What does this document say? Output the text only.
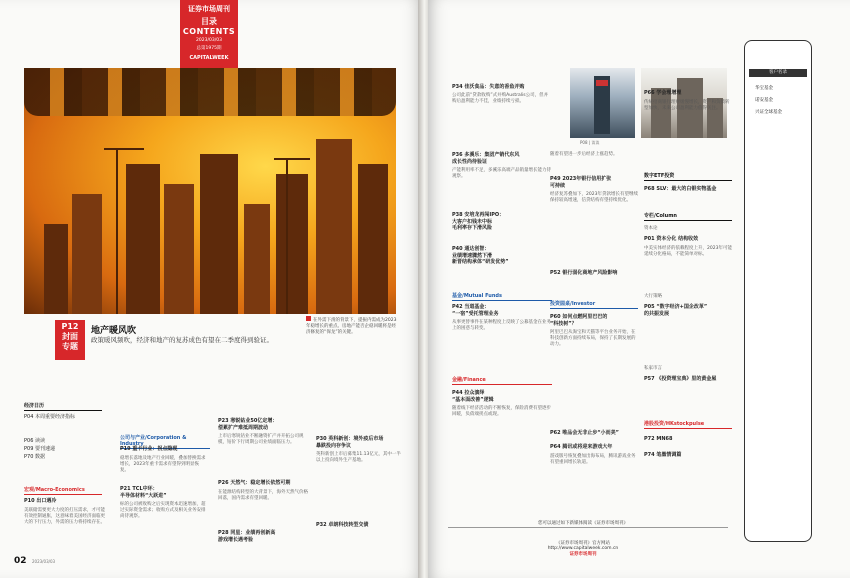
证券市场周刊
目录
CONTENTS
2023/03/03
总第1975期
CAPITALWEEK
在外需下滑的背景下，提振内需成为2023年稳增长的重点。房地产能否企稳回暖将是经济修复的“保龙”的关键。
P12
封面
专题
地产暖风吹
政策暖风频吹，经济和地产的复苏成色有望在二季度得到验证。
经济日历
P04 本周重要经济指标
P06 读读
P09 要刊速递
P70 数据
宏观/Macro-Economics
P10 出口遇冷
美联储需要更大力度的打压需求，才可能有效控制通胀，这意味着美国经济面临更大的下行压力，外需的压力将持续存在。
公司与产业/Corporation & Industry
P19 重卡行业：拐点隐现
稳增长落地及地产行业回暖，叠加替换需求增长，2023年重卡需求有望得到明显恢复。
P21 TCL中环：
半导体材料“大跃进”
标的公司被收购之后实现资本迅速增加，超过实际资金需求；收购方式及相关业务安排尚待观察。
P23 寒锐钴业50亿定增：
偿累扩产难抵周期波动
上市后寒锐钴业不断融资扩产并开拓公司规模，钴价下行周期公司业绩面临压力。
P26 天然气：稳定增长依然可期
在能源结构转型的大背景下，海外天然气价格回落，国内需求有望回暖。
P28 同星：业绩再创新高
游戏增长遇考验
P30 英科新创：境外疫后市场
暴跌投向存争议
英科新创上市后募集11.13亿元，其中一半以上投向境外生产基地。
P32 卓朗科技转型交债
02 2023/03/03
P34 佳沃食品：失意的香鱼并购
公司此前“贷款收购”式并购Australis公司，但并购后盈利能力不佳，业绩持续亏损。
P36 多溪乐：集团产销代东风
成长性尚待验证
产能利用率不足，多溪乐高端产品销量增长能力待观察。
P38 安培龙再闯IPO：
大客户扣钱未中标
毛利率存下滑风险
P40 通达创智：
业绩增速骤然下滑
新晋结构承体“研发优势”
基金/Mutual Funds
P42 当道基金：
“一宿”受托管理业务
从事更替事件在某种程度上反映了公募基金在业务上的困惑与转变。
金融/Finance
P44 拉众演绎
“基本面改善”逻辑
随着线下经济活动的不断恢复，保险消费有望逐步回暖，负债端拐点或现。
P08 | 读读
随着有望进一步后经济上涨趋势。
P49 2023年银行信用扩张
可持续
经济复苏叠加下，2023年贷款增长有望继续保持较高增速，信贷结构有望持续优化。
P52 银行弱化商地产风险影响
投资圆桌/Investor
P60 如何点燃阿里巴巴的
“科技树”？
阿里巴巴从淘宝和天猫等平台业务开始，在科技创新方面持续布局，保持了长期发展的动力。
P62 唯品会无非止步“小而美”
P64 腾讯或将迎来游戏大年
游戏版号恢复叠加出海布局，腾讯游戏业务有望重回增长轨道。
P66 学会理增理
传统招商银行理财缓慢增长，资产和负债转型加快，未来公司盈利能力值得关注。
数字ETF投资
P68 SLV：最大的白银实物基金
专栏/Column
资本论
P01 资本分化 结构收效
中美实体经济的依赖程度上升，2023年可能延续分化格局，不能简单对标。
大行策略
P05 “数字经济+国企改革”
的共振发展
私家市言
P57 《投资理宝典》里的黄金屋
港股投资/HKstockpulse
P72 MN68
P74 笔墨情调篇
您可以通过如下新媒体阅读《证券市场周刊》
《证券市场周刊》官方网站
http://www.capitalweek.com.cn
证券市场周刊
客户名录
华宝基金
诺安基金
兴证全球基金
